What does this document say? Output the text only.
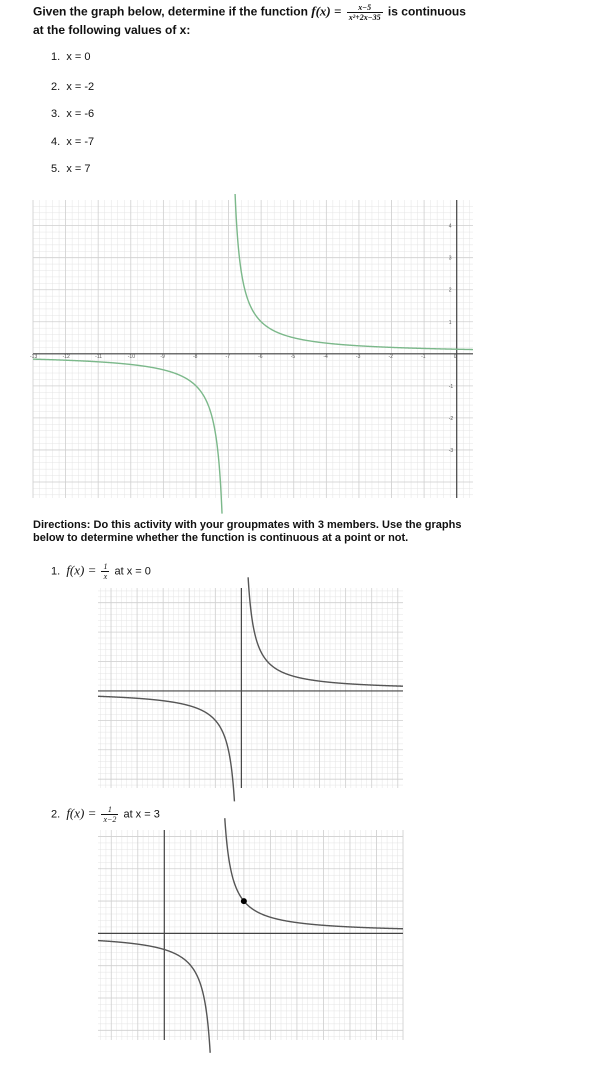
Given the graph below, determine if the function $f(x) = \frac{x-5}{\text{x²+2x−35}}$ is continuous
at the following values of x:
1. x = 0
2. x = -2
3. x = -6
4. x = -7
5. x = 7
-13	-12	-11	-10	-9	-8	-7	-6	-5	-4	-3	-2	-1	0
4
3
2
1
-1
-2
-3
Directions: Do this activity with your groupmates with 3 members. Use the graphs below to determine whether the function is continuous at a point or not.
1. $f(x) = \frac{1}{x}$ at x = 0
2. $f(x) = \frac{1}{x-2}$ at x = 3
